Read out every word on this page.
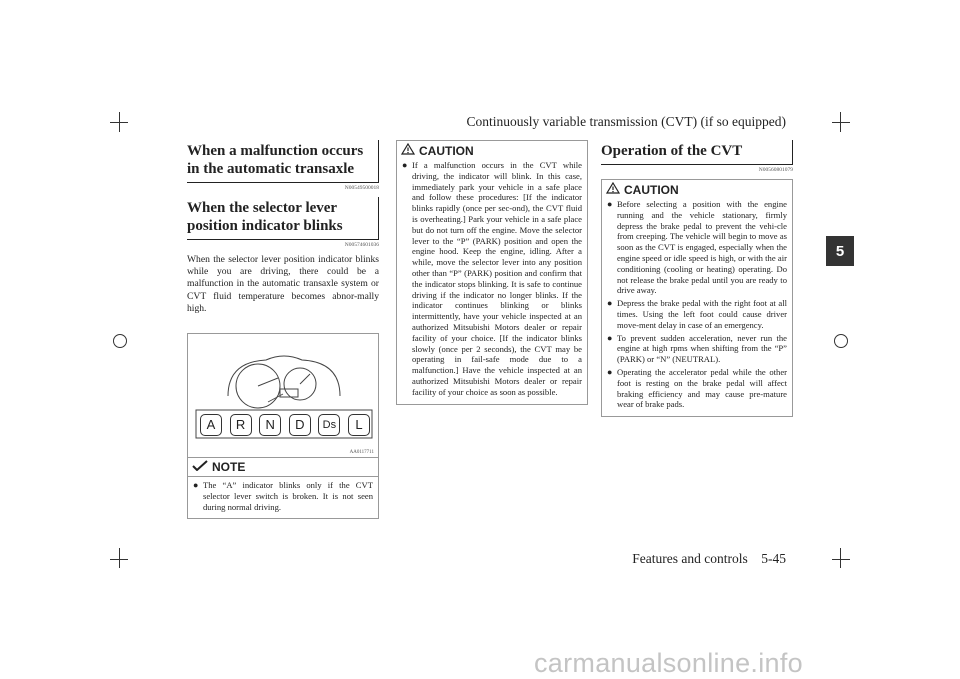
Continuously variable transmission (CVT) (if so equipped)
5
When a malfunction occurs in the automatic transaxle
N00549500018
When the selector lever position indicator blinks
N00574601036

When the selector lever position indicator blinks while you are driving, there could be a malfunction in the automatic transaxle system or CVT fluid temperature becomes abnor-mally high.

A	R	N	D	Ds	L
AA0117711
NOTE
● The “A” indicator blinks only if the CVT selector lever switch is broken. It is not seen during normal driving.
CAUTION
● If a malfunction occurs in the CVT while driving, the indicator will blink. In this case, immediately park your vehicle in a safe place and follow these procedures: [If the indicator blinks rapidly (once per sec-ond), the CVT fluid is overheating.] Park your vehicle in a safe place but do not turn off the engine. Move the selector lever to the “P” (PARK) position and open the engine hood. Keep the engine, idling. After a while, move the selector lever into any position other than “P” (PARK) position and confirm that the indicator stops blinking. It is safe to continue driving if the indicator no longer blinks. If the indicator continues blinking or blinks intermittently, have your vehicle inspected at an authorized Mitsubishi Motors dealer or repair facility of your choice. [If the indicator blinks slowly (once per 2 seconds), the CVT may be operating in fail-safe mode due to a malfunction.] Have the vehicle inspected at an authorized Mitsubishi Motors dealer or repair facility of your choice as soon as possible.
Operation of the CVT
N00560801079
CAUTION
● Before selecting a position with the engine running and the vehicle stationary, firmly depress the brake pedal to prevent the vehi-cle from creeping. The vehicle will begin to move as soon as the CVT is engaged, especially when the engine speed or idle speed is high, or with the air conditioning (cooling or heating) operating. Do not release the brake pedal until you are ready to drive away.
● Depress the brake pedal with the right foot at all times. Using the left foot could cause driver move-ment delay in case of an emergency.
● To prevent sudden acceleration, never run the engine at high rpms when shifting from the “P” (PARK) or “N” (NEUTRAL).
● Operating the accelerator pedal while the other foot is resting on the brake pedal will affect braking efficiency and may cause pre-mature wear of brake pads.
Features and controls 5-45
carmanualsonline.info
